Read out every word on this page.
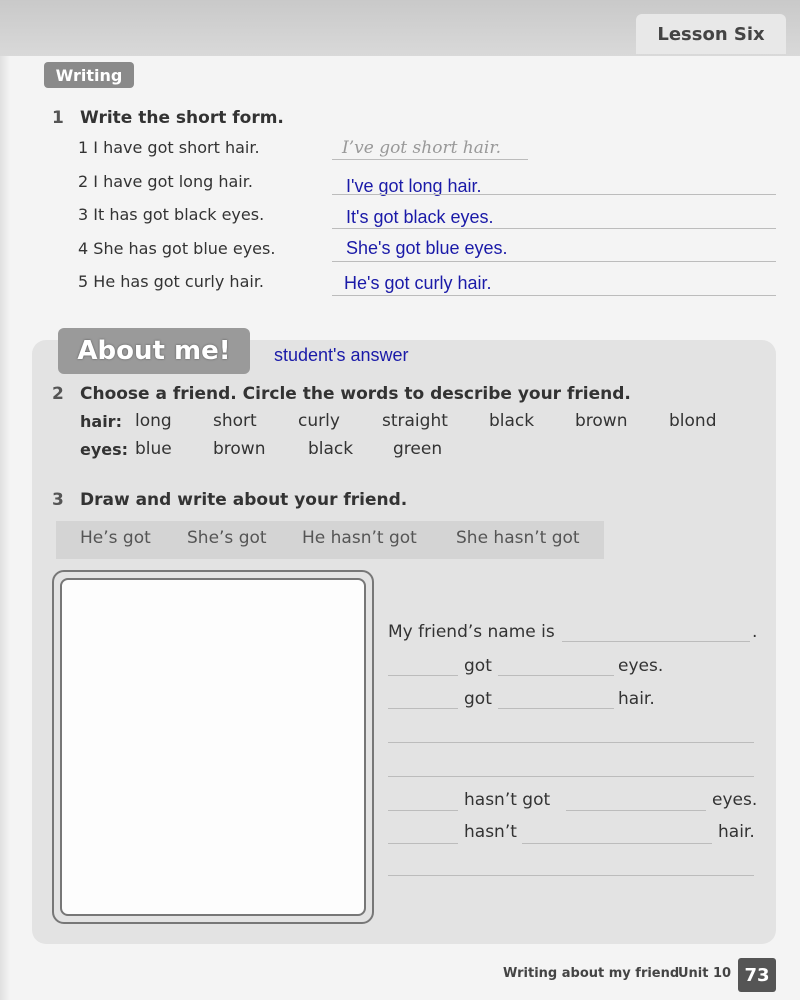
Lesson Six
Writing
1 Write the short form.
1 I have got short hair.	I’ve got short hair.
2 I have got long hair.	I've got long hair.
3 It has got black eyes.	It's got black eyes.
4 She has got blue eyes.	She's got blue eyes.
5 He has got curly hair.	He's got curly hair.
About me!	student's answer
2 Choose a friend. Circle the words to describe your friend.
hair: long short curly straight black brown blond
eyes: blue brown	black green
3 Draw and write about your friend.
He’s got She’s got He hasn’t got She hasn’t got
My friend’s name is	.
got	eyes.
got	hair.
hasn’t got	eyes.
hasn’t	hair.
Writing about my friend
Unit 10 73
